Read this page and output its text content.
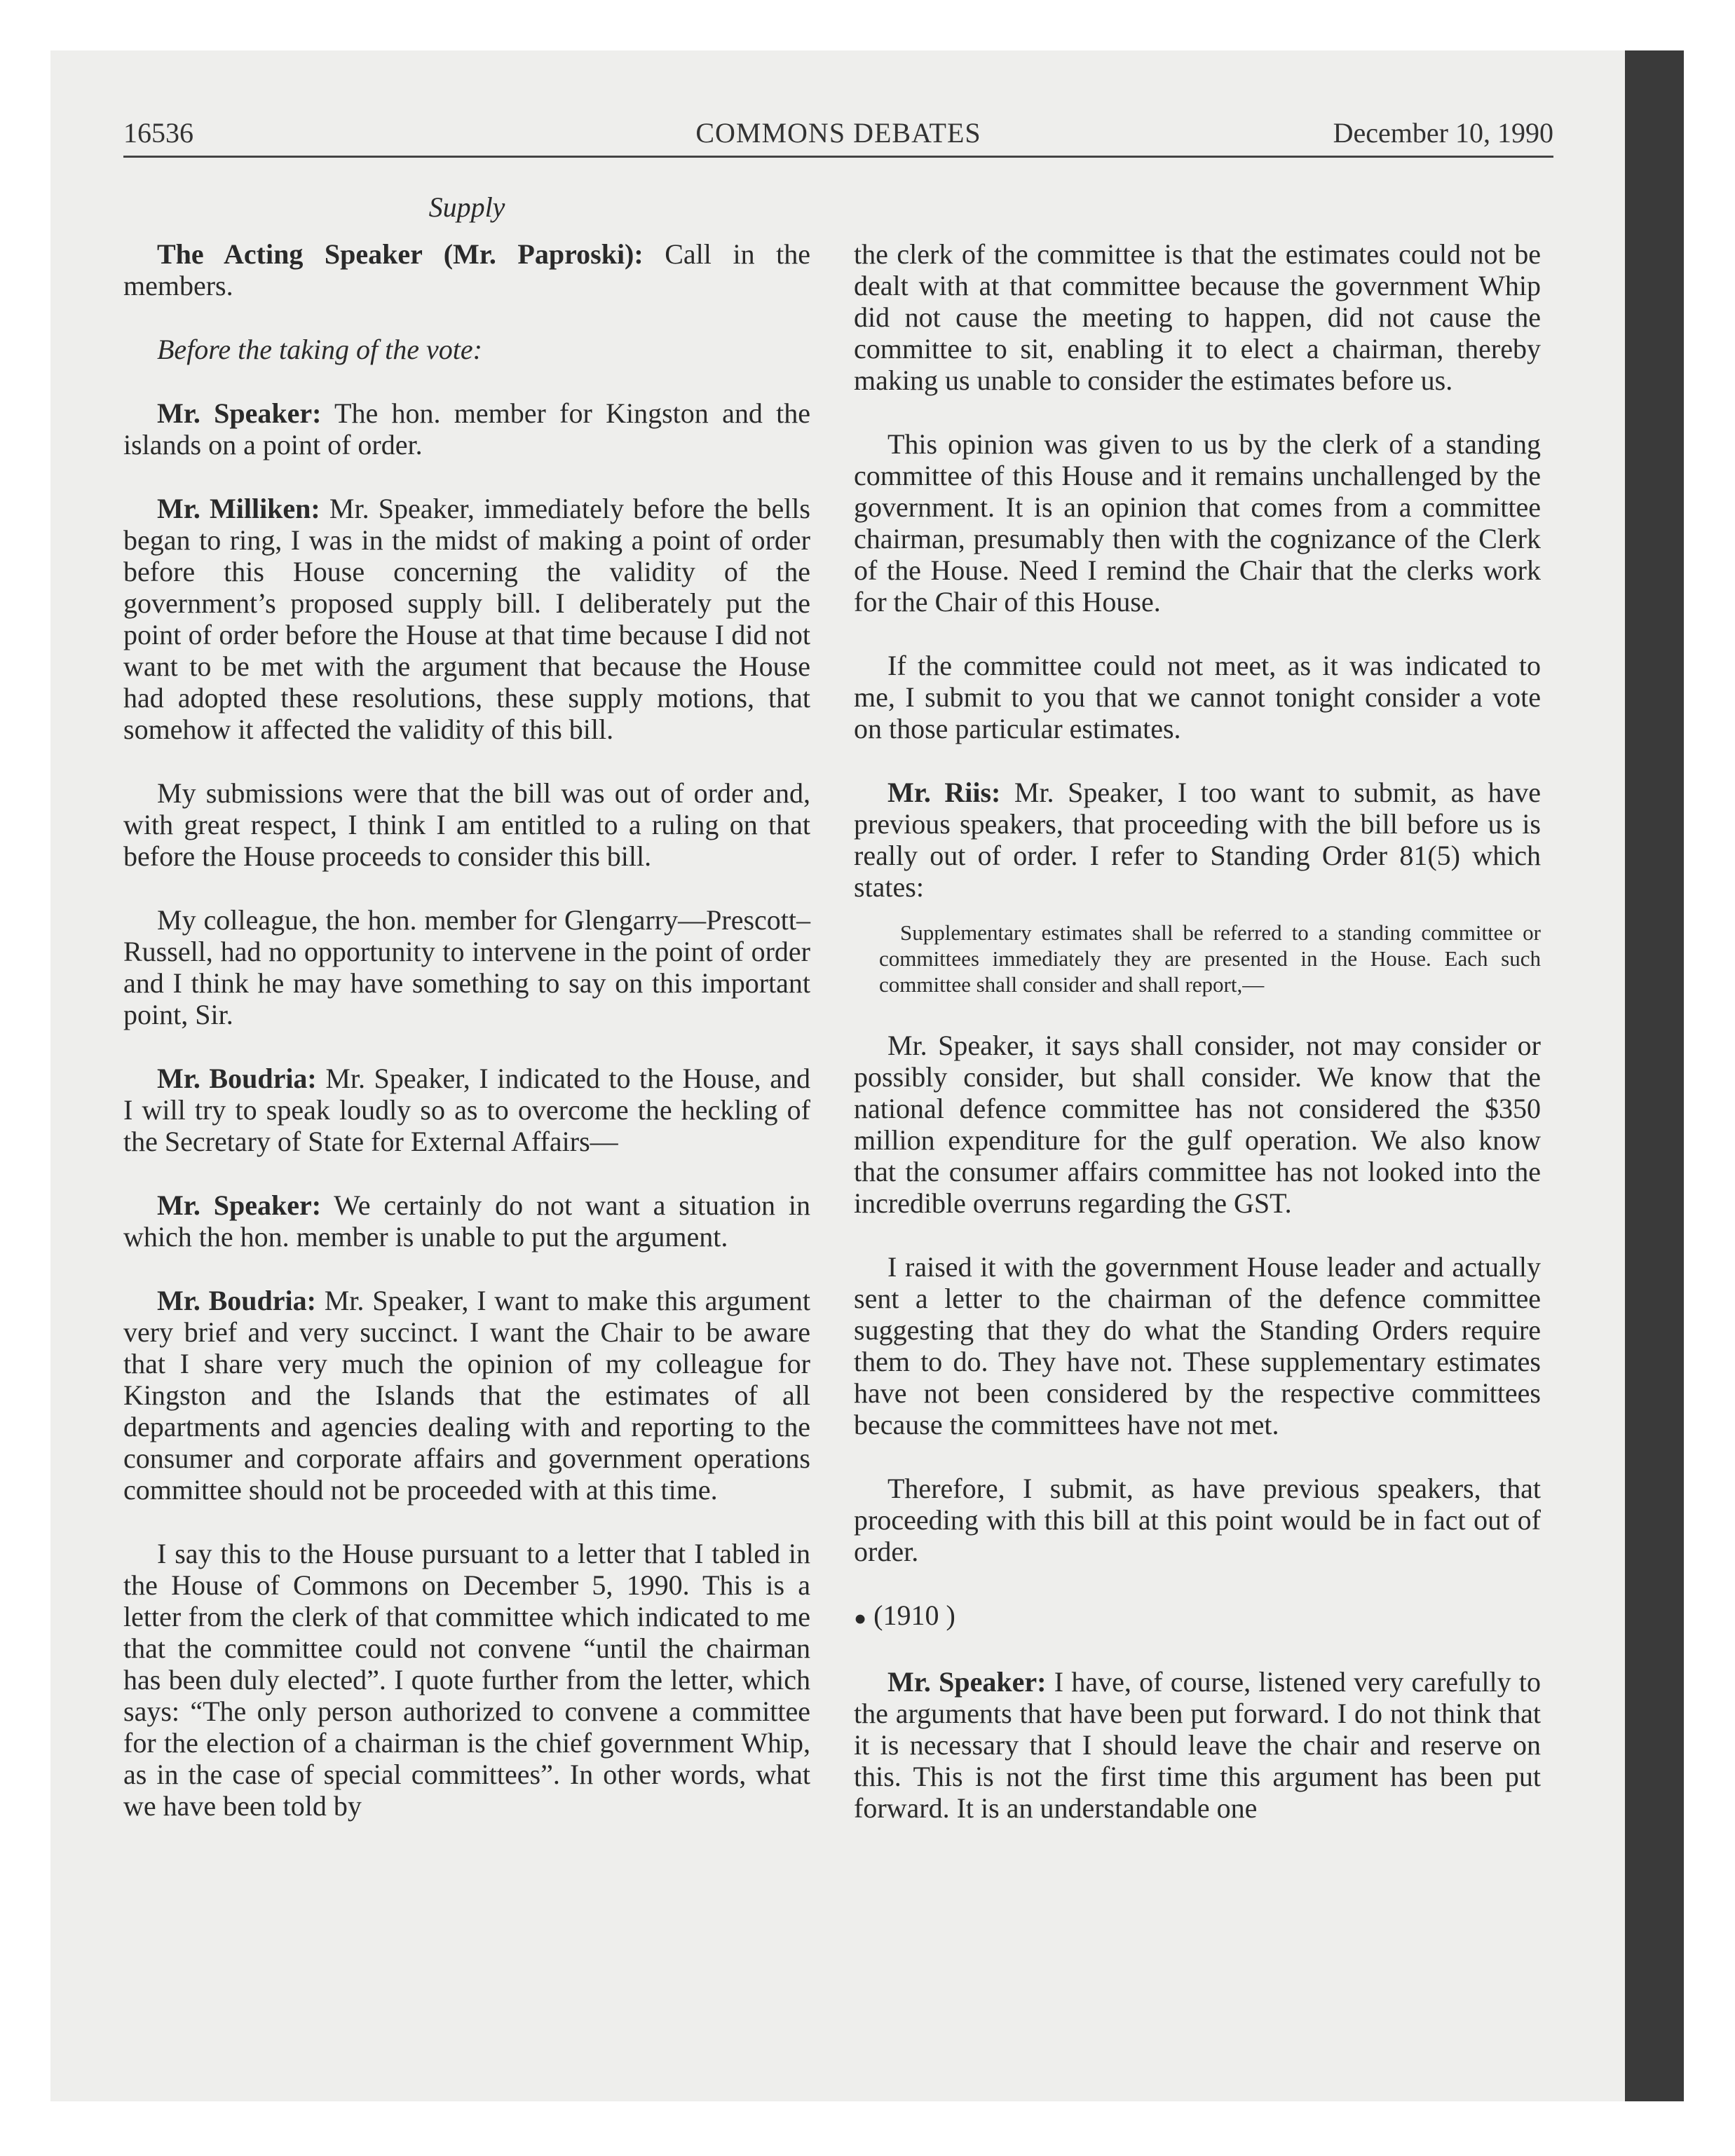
16536	COMMONS DEBATES	December 10, 1990
Supply

The Acting Speaker (Mr. Paproski): Call in the members.

Before the taking of the vote:

Mr. Speaker: The hon. member for Kingston and the islands on a point of order.

Mr. Milliken: Mr. Speaker, immediately before the bells began to ring, I was in the midst of making a point of order before this House concerning the validity of the government’s proposed supply bill. I deliberately put the point of order before the House at that time because I did not want to be met with the argument that because the House had adopted these resolutions, these supply motions, that somehow it affected the validity of this bill.

My submissions were that the bill was out of order and, with great respect, I think I am entitled to a ruling on that before the House proceeds to consider this bill.

My colleague, the hon. member for Glengarry—Prescott–Russell, had no opportunity to intervene in the point of order and I think he may have something to say on this important point, Sir.

Mr. Boudria: Mr. Speaker, I indicated to the House, and I will try to speak loudly so as to overcome the heckling of the Secretary of State for External Affairs—

Mr. Speaker: We certainly do not want a situation in which the hon. member is unable to put the argument.

Mr. Boudria: Mr. Speaker, I want to make this argument very brief and very succinct. I want the Chair to be aware that I share very much the opinion of my colleague for Kingston and the Islands that the estimates of all departments and agencies dealing with and reporting to the consumer and corporate affairs and government operations committee should not be proceeded with at this time.

I say this to the House pursuant to a letter that I tabled in the House of Commons on December 5, 1990. This is a letter from the clerk of that committee which indicated to me that the committee could not convene “until the chairman has been duly elected”. I quote further from the letter, which says: “The only person authorized to convene a committee for the election of a chairman is the chief government Whip, as in the case of special committees”. In other words, what we have been told by

the clerk of the committee is that the estimates could not be dealt with at that committee because the government Whip did not cause the meeting to happen, did not cause the committee to sit, enabling it to elect a chairman, thereby making us unable to consider the estimates before us.

This opinion was given to us by the clerk of a standing committee of this House and it remains unchallenged by the government. It is an opinion that comes from a committee chairman, presumably then with the cognizance of the Clerk of the House. Need I remind the Chair that the clerks work for the Chair of this House.

If the committee could not meet, as it was indicated to me, I submit to you that we cannot tonight consider a vote on those particular estimates.

Mr. Riis: Mr. Speaker, I too want to submit, as have previous speakers, that proceeding with the bill before us is really out of order. I refer to Standing Order 81(5) which states:

Supplementary estimates shall be referred to a standing committee or committees immediately they are presented in the House. Each such committee shall consider and shall report,—

Mr. Speaker, it says shall consider, not may consider or possibly consider, but shall consider. We know that the national defence committee has not considered the $350 million expenditure for the gulf operation. We also know that the consumer affairs committee has not looked into the incredible overruns regarding the GST.

I raised it with the government House leader and actually sent a letter to the chairman of the defence committee suggesting that they do what the Standing Orders require them to do. They have not. These supplementary estimates have not been considered by the respective committees because the committees have not met.

Therefore, I submit, as have previous speakers, that proceeding with this bill at this point would be in fact out of order.

● (1910 )

Mr. Speaker: I have, of course, listened very carefully to the arguments that have been put forward. I do not think that it is necessary that I should leave the chair and reserve on this. This is not the first time this argument has been put forward. It is an understandable one
